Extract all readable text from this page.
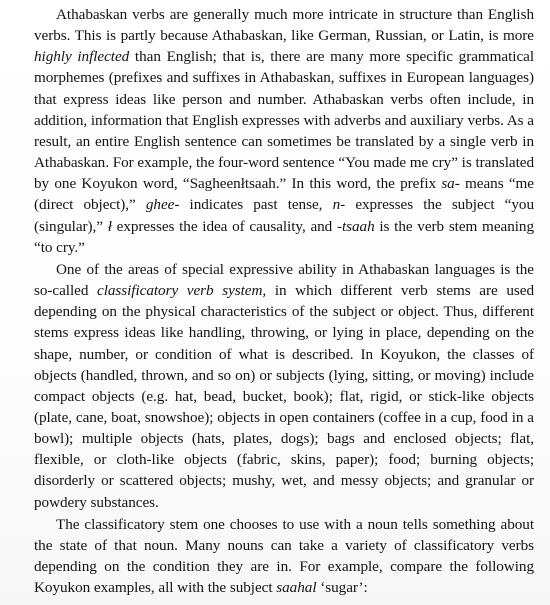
Athabaskan verbs are generally much more intricate in structure than English verbs. This is partly because Athabaskan, like German, Russian, or Latin, is more highly inflected than English; that is, there are many more specific grammatical morphemes (prefixes and suffixes in Athabaskan, suffixes in European languages) that express ideas like person and number. Athabaskan verbs often include, in addition, information that English expresses with adverbs and auxiliary verbs. As a result, an entire English sentence can sometimes be translated by a single verb in Athabaskan. For example, the four-word sentence “You made me cry” is translated by one Koyukon word, “Sagheenłtsaah.” In this word, the prefix sa- means “me (direct object),” ghee- indicates past tense, n- expresses the subject “you (singular),” ł expresses the idea of causality, and -tsaah is the verb stem meaning “to cry.”

One of the areas of special expressive ability in Athabaskan languages is the so-called classificatory verb system, in which different verb stems are used depending on the physical characteristics of the subject or object. Thus, different stems express ideas like handling, throwing, or lying in place, depending on the shape, number, or condition of what is described. In Koyukon, the classes of objects (handled, thrown, and so on) or subjects (lying, sitting, or moving) include compact objects (e.g. hat, bead, bucket, book); flat, rigid, or stick-like objects (plate, cane, boat, snowshoe); objects in open containers (coffee in a cup, food in a bowl); multiple objects (hats, plates, dogs); bags and enclosed objects; flat, flexible, or cloth-like objects (fabric, skins, paper); food; burning objects; disorderly or scattered objects; mushy, wet, and messy objects; and granular or powdery substances.

The classificatory stem one chooses to use with a noun tells something about the state of that noun. Many nouns can take a variety of classificatory verbs depending on the condition they are in. For example, compare the following Koyukon examples, all with the subject saahal ‘sugar’:
